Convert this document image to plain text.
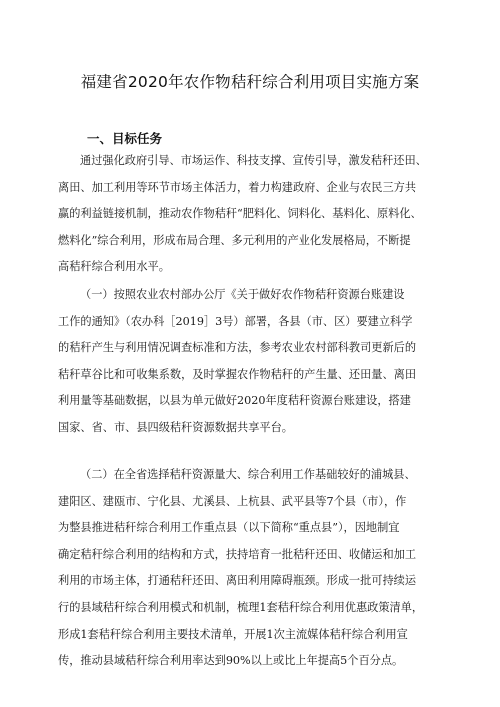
福建省2020年农作物秸秆综合利用项目实施方案
一、目标任务
通过强化政府引导、市场运作、科技支撑、宣传引导，激发秸秆还田、
离田、加工利用等环节市场主体活力，着力构建政府、企业与农民三方共
赢的利益链接机制，推动农作物秸秆“肥料化、饲料化、基料化、原料化、
燃料化”综合利用，形成布局合理、多元利用的产业化发展格局，不断提
高秸秆综合利用水平。
（一）按照农业农村部办公厅《关于做好农作物秸秆资源台账建设
工作的通知》（农办科［2019］3号）部署，各县（市、区）要建立科学
的秸秆产生与利用情况调查标准和方法，参考农业农村部科教司更新后的
秸秆草谷比和可收集系数，及时掌握农作物秸秆的产生量、还田量、离田
利用量等基础数据，以县为单元做好2020年度秸秆资源台账建设，搭建
国家、省、市、县四级秸秆资源数据共享平台。
（二）在全省选择秸秆资源量大、综合利用工作基础较好的浦城县、
建阳区、建瓯市、宁化县、尤溪县、上杭县、武平县等7个县（市），作
为整县推进秸秆综合利用工作重点县（以下简称“重点县”），因地制宜
确定秸秆综合利用的结构和方式，扶持培育一批秸秆还田、收储运和加工
利用的市场主体，打通秸秆还田、离田利用障碍瓶颈。形成一批可持续运
行的县域秸秆综合利用模式和机制，梳理1套秸秆综合利用优惠政策清单，
形成1套秸秆综合利用主要技术清单，开展1次主流媒体秸秆综合利用宣
传，推动县域秸秆综合利用率达到90%以上或比上年提高5个百分点。
